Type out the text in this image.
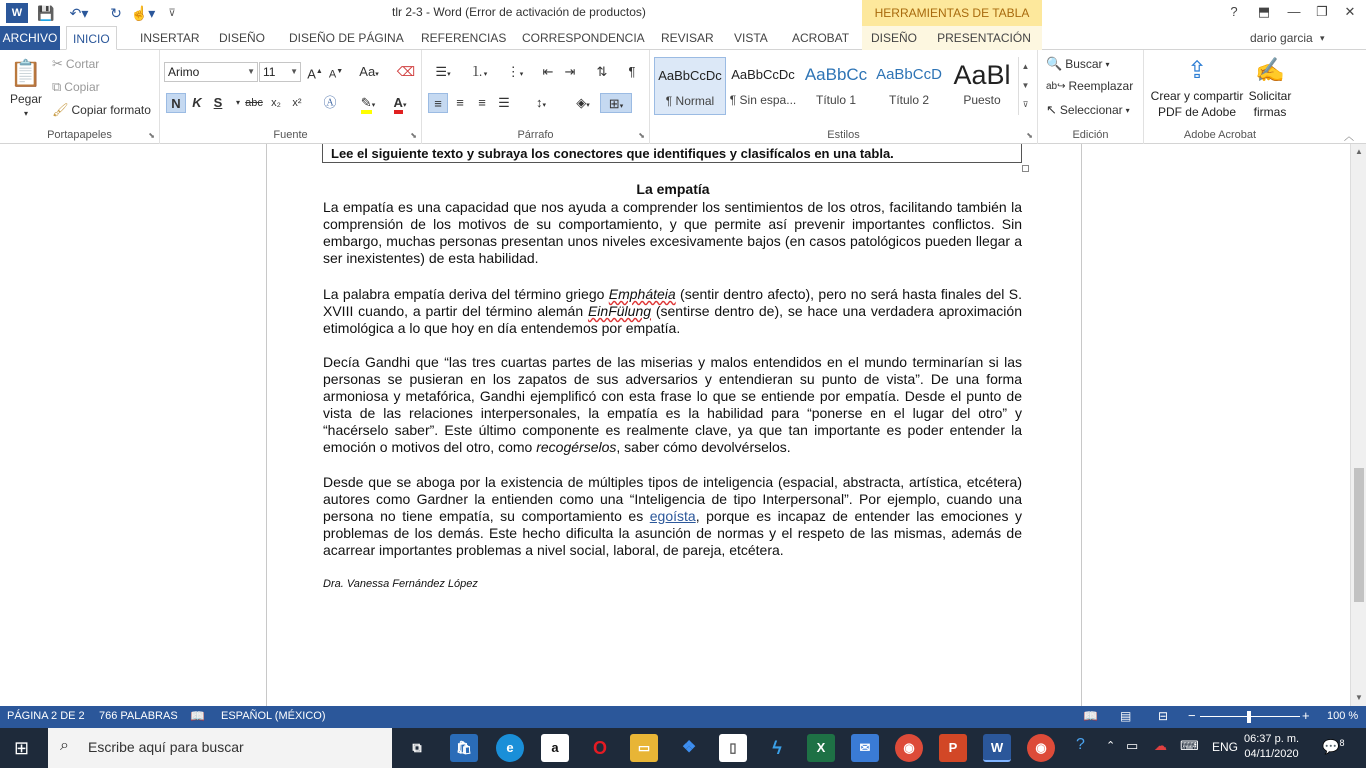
W	💾 ↶▾ ↻ ☝▾	⊽	tlr 2-3 - Word (Error de activación de productos)	HERRAMIENTAS DE TABLA	?	⬒	—	❐	✕
ARCHIVO	INICIO	INSERTAR	DISEÑO	DISEÑO DE PÁGINA	REFERENCIAS	CORRESPONDENCIA	REVISAR	VISTA	ACROBAT	DISEÑO	PRESENTACIÓN	dario garcia ▾
📋
Pegar
▾
✂ Cortar
⧉ Copiar
🖌 Copiar formato
Portapapeles	⬊
Arimo	▼ 11 ▼ A▲ A▼	Aa▾	⌫
N K S	▾ abc x₂	x²	Ⓐ	✎▾	A▾
Fuente	⬊
☰▾	⒈▾	⋮▾	⇤ ⇥	⇅	¶
≡	≡	≡ ☰	↕▾	◈▾	⊞▾
Párrafo	⬊
AaBbCcDc
¶ Normal
AaBbCcDc
¶ Sin espa...
AaBbCc
Título 1
AaBbCcD
Título 2
AaBl
Puesto
▲
▼
⊽
Estilos	⬊
🔍 Buscar ▾
ab↪ Reemplazar
↖ Seleccionar ▾
Edición
⇪
Crear y compartir PDF de Adobe
✍
Solicitar firmas
Adobe Acrobat	︿
Lee el siguiente texto y subraya los conectores que identifiques y clasifícalos en una tabla.
La empatía
La empatía es una capacidad que nos ayuda a comprender los sentimientos de los otros, facilitando también la comprensión de los motivos de su comportamiento, y que permite así prevenir importantes conflictos. Sin embargo, muchas personas presentan unos niveles excesivamente bajos (en casos patológicos pueden llegar a ser inexistentes) de esta habilidad.
La palabra empatía deriva del término griego Empháteia (sentir dentro afecto), pero no será hasta finales del S. XVIII cuando, a partir del término alemán EinFülung (sentirse dentro de), se hace una verdadera aproximación etimológica a lo que hoy en día entendemos por empatía.
Decía Gandhi que “las tres cuartas partes de las miserias y malos entendidos en el mundo terminarían si las personas se pusieran en los zapatos de sus adversarios y entendieran su punto de vista”. De una forma armoniosa y metafórica, Gandhi ejemplificó con esta frase lo que se entiende por empatía. Desde el punto de vista de las relaciones interpersonales, la empatía es la habilidad para “ponerse en el lugar del otro” y “hacérselo saber”. Este último componente es realmente clave, ya que tan importante es poder entender la emoción o motivos del otro, como recogérselos, saber cómo devolvérselos.
Desde que se aboga por la existencia de múltiples tipos de inteligencia (espacial, abstracta, artística, etcétera) autores como Gardner la entienden como una “Inteligencia de tipo Interpersonal”. Por ejemplo, cuando una persona no tiene empatía, su comportamiento es egoísta, porque es incapaz de entender las emociones y problemas de los demás. Este hecho dificulta la asunción de normas y el respeto de las mismas, además de acarrear importantes problemas a nivel social, laboral, de pareja, etcétera.
Dra. Vanessa Fernández López
▲
▼
PÁGINA 2 DE 2 766 PALABRAS 📖 ESPAÑOL (MÉXICO)	📖 ▤ ⊟ −	+ 100 %
⊞ ⌕ Escribe aquí para buscar	⧉	🛍	e	a	O	▭	❖	▯	ϟ	X	✉	◉	P	W	◉	? ⌃ ▭ ☁ ⌨ ENG
06:37 p. m.
04/11/2020 💬$^8$
